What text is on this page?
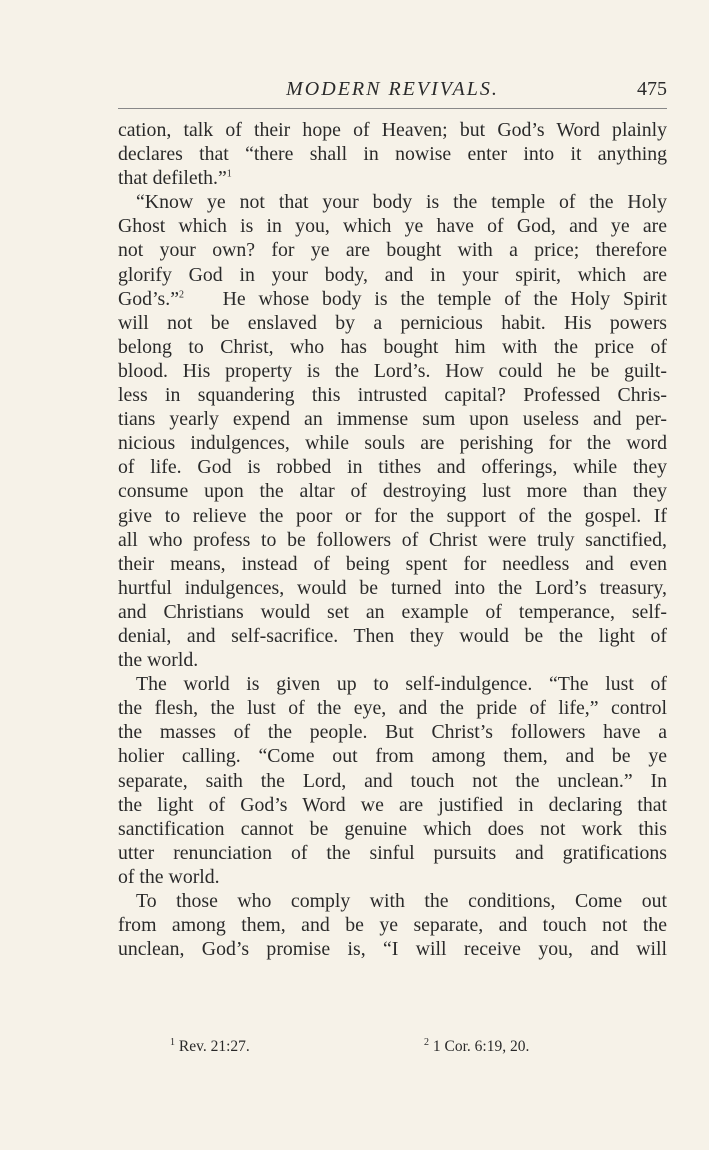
MODERN REVIVALS.	475
cation, talk of their hope of Heaven; but God’s Word plainly
declares that “there shall in nowise enter into it anything
that defileth.”$^1$
“Know ye not that your body is the temple of the Holy
Ghost which is in you, which ye have of God, and ye are
not your own? for ye are bought with a price; therefore
glorify God in your body, and in your spirit, which are
God’s.”$^2$ He whose body is the temple of the Holy Spirit
will not be enslaved by a pernicious habit. His powers
belong to Christ, who has bought him with the price of
blood. His property is the Lord’s. How could he be guilt-
less in squandering this intrusted capital? Professed Chris-
tians yearly expend an immense sum upon useless and per-
nicious indulgences, while souls are perishing for the word
of life. God is robbed in tithes and offerings, while they
consume upon the altar of destroying lust more than they
give to relieve the poor or for the support of the gospel. If
all who profess to be followers of Christ were truly sanctified,
their means, instead of being spent for needless and even
hurtful indulgences, would be turned into the Lord’s treasury,
and Christians would set an example of temperance, self-
denial, and self-sacrifice. Then they would be the light of
the world.
The world is given up to self-indulgence. “The lust of
the flesh, the lust of the eye, and the pride of life,” control
the masses of the people. But Christ’s followers have a
holier calling. “Come out from among them, and be ye
separate, saith the Lord, and touch not the unclean.” In
the light of God’s Word we are justified in declaring that
sanctification cannot be genuine which does not work this
utter renunciation of the sinful pursuits and gratifications
of the world.
To those who comply with the conditions, Come out
from among them, and be ye separate, and touch not the
unclean, God’s promise is, “I will receive you, and will
$^1$ Rev. 21:27.	$^2$ 1 Cor. 6:19, 20.
